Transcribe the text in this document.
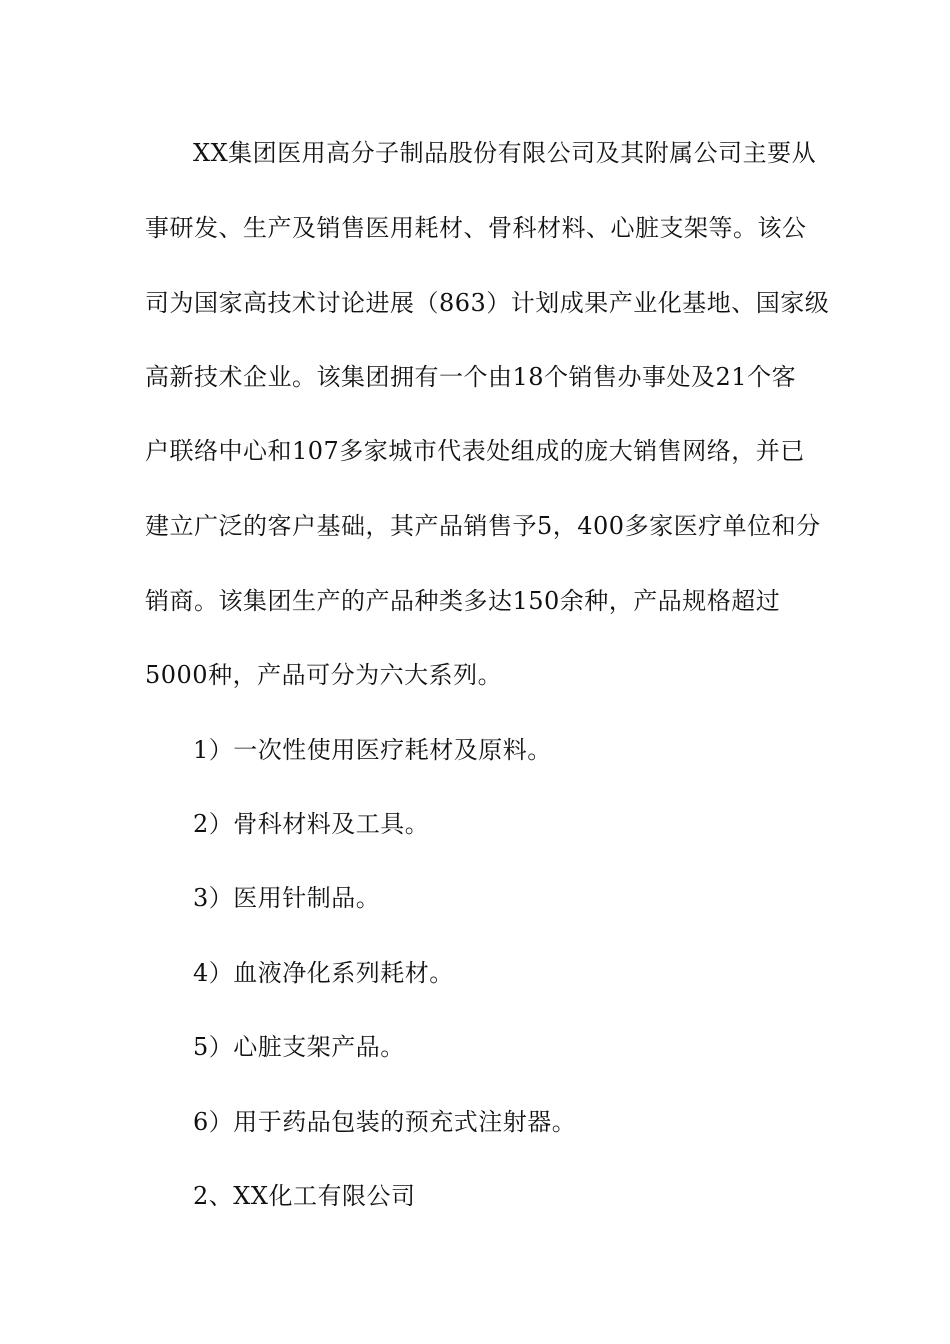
XX集团医用高分子制品股份有限公司及其附属公司主要从
事研发、生产及销售医用耗材、骨科材料、心脏支架等。该公
司为国家高技术讨论进展（863）计划成果产业化基地、国家级
高新技术企业。该集团拥有一个由18个销售办事处及21个客
户联络中心和107多家城市代表处组成的庞大销售网络，并已
建立广泛的客户基础，其产品销售予5，400多家医疗单位和分
销商。该集团生产的产品种类多达150余种，产品规格超过
5000种，产品可分为六大系列。
1）一次性使用医疗耗材及原料。
2）骨科材料及工具。
3）医用针制品。
4）血液净化系列耗材。
5）心脏支架产品。
6）用于药品包装的预充式注射器。
2、XX化工有限公司
